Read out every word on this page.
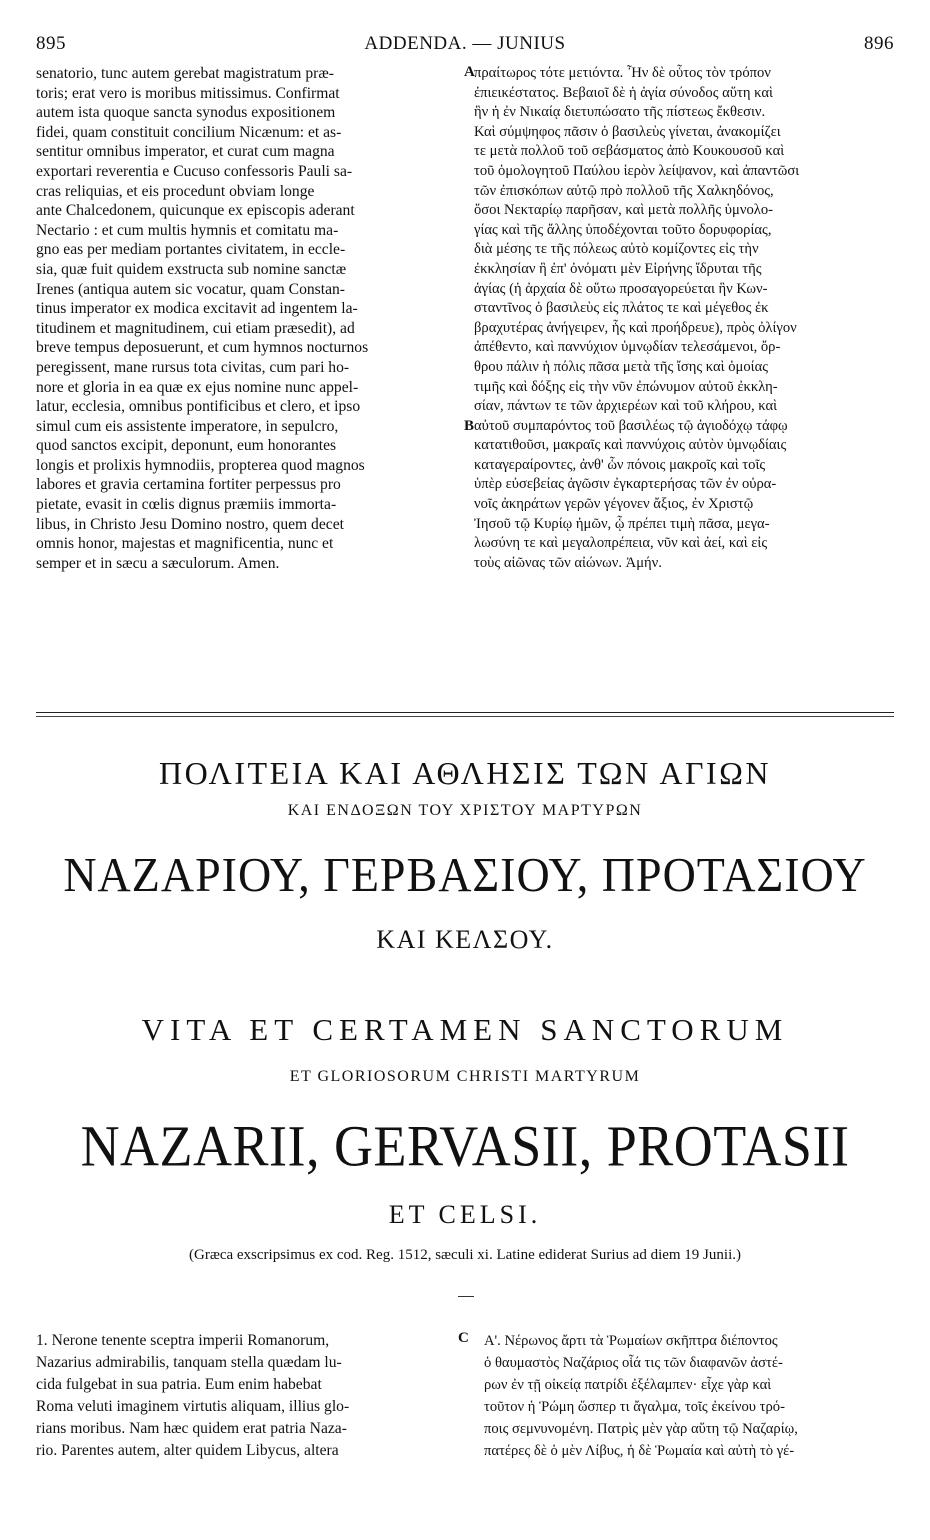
895	ADDENDA. — JUNIUS	896
senatorio, tunc autem gerebat magistratum præ-
toris; erat vero is moribus mitissimus. Confirmat
autem ista quoque sancta synodus expositionem
fidei, quam constituit concilium Nicænum: et as-
sentitur omnibus imperator, et curat cum magna
exportari reverentia e Cucuso confessoris Pauli sa-
cras reliquias, et eis procedunt obviam longe
ante Chalcedonem, quicunque ex episcopis aderant
Nectario : et cum multis hymnis et comitatu ma-
gno eas per mediam portantes civitatem, in eccle-
sia, quæ fuit quidem exstructa sub nomine sanctæ
Irenes (antiqua autem sic vocatur, quam Constan-
tinus imperator ex modica excitavit ad ingentem la-
titudinem et magnitudinem, cui etiam præsedit), ad
breve tempus deposuerunt, et cum hymnos nocturnos
peregissent, mane rursus tota civitas, cum pari ho-
nore et gloria in ea quæ ex ejus nomine nunc appel-
latur, ecclesia, omnibus pontificibus et clero, et ipso
simul cum eis assistente imperatore, in sepulcro,
quod sanctos excipit, deponunt, eum honorantes
longis et prolixis hymnodiis, propterea quod magnos
labores et gravia certamina fortiter perpessus pro
pietate, evasit in cœlis dignus præmiis immorta-
libus, in Christo Jesu Domino nostro, quem decet
omnis honor, majestas et magnificentia, nunc et
semper et in sæcu a sæculorum. Amen.
πραίτωρος τότε μετιόντα. Ἦν δὲ οὗτος τὸν τρόπον
ἐπιεικέστατος. Βεβαιοῖ δὲ ἡ ἁγία σύνοδος αὕτη καὶ
ἣν ἡ ἐν Νικαίᾳ διετυπώσατο τῆς πίστεως ἔκθεσιν.
Καὶ σύμψηφος πᾶσιν ὁ βασιλεὺς γίνεται, ἀνακομίζει
τε μετὰ πολλοῦ τοῦ σεβάσματος ἀπὸ Κουκουσοῦ καὶ
τοῦ ὁμολογητοῦ Παύλου ἱερὸν λείψανον, καὶ ἀπαντῶσι
τῶν ἐπισκόπων αὐτῷ πρὸ πολλοῦ τῆς Χαλκηδόνος,
ὅσοι Νεκταρίῳ παρῆσαν, καὶ μετὰ πολλῆς ὑμνολο-
γίας καὶ τῆς ἄλλης ὑποδέχονται τοῦτο δορυφορίας,
διὰ μέσης τε τῆς πόλεως αὐτὸ κομίζοντες εἰς τὴν
ἐκκλησίαν ἣ ἐπ' ὀνόματι μὲν Εἰρήνης ἵδρυται τῆς
ἁγίας (ἡ ἀρχαία δὲ οὕτω προσαγορεύεται ἣν Κων-
σταντῖνος ὁ βασιλεὺς εἰς πλάτος τε καὶ μέγεθος ἐκ
βραχυτέρας ἀνήγειρεν, ἧς καὶ προήδρευε), πρὸς ὀλίγον
ἀπέθεντο, καὶ παννύχιον ὑμνῳδίαν τελεσάμενοι, ὄρ-
θρου πάλιν ἡ πόλις πᾶσα μετὰ τῆς ἴσης καὶ ὁμοίας
τιμῆς καὶ δόξης εἰς τὴν νῦν ἐπώνυμον αὐτοῦ ἐκκλη-
σίαν, πάντων τε τῶν ἀρχιερέων καὶ τοῦ κλήρου, καὶ
αὐτοῦ συμπαρόντος τοῦ βασιλέως τῷ ἁγιοδόχῳ τάφῳ
κατατιθοῦσι, μακραῖς καὶ παννύχοις αὐτὸν ὑμνῳδίαις
καταγεραίροντες, ἀνθ' ὧν πόνοις μακροῖς καὶ τοῖς
ὑπὲρ εὐσεβείας ἀγῶσιν ἐγκαρτερήσας τῶν ἐν οὐρα-
νοῖς ἀκηράτων γερῶν γέγονεν ἄξιος, ἐν Χριστῷ
Ἰησοῦ τῷ Κυρίῳ ἡμῶν, ᾧ πρέπει τιμὴ πᾶσα, μεγα-
λωσύνη τε καὶ μεγαλοπρέπεια, νῦν καὶ ἀεί, καὶ εἰς
τοὺς αἰῶνας τῶν αἰώνων. Ἀμήν.
A
B
ΠΟΛΙΤΕΙΑ ΚΑΙ ΑΘΛΗΣΙΣ ΤΩΝ ΑΓΙΩΝ
ΚΑΙ ΕΝΔΟΞΩΝ ΤΟΥ ΧΡΙΣΤΟΥ ΜΑΡΤΥΡΩΝ
ΝΑΖΑΡΙΟΥ, ΓΕΡΒΑΣΙΟΥ, ΠΡΟΤΑΣΙΟΥ
ΚΑΙ ΚΕΛΣΟΥ.
VITA ET CERTAMEN SANCTORUM
ET GLORIOSORUM CHRISTI MARTYRUM
NAZARII, GERVASII, PROTASII
ET CELSI.
(Græca exscripsimus ex cod. Reg. 1512, sæculi xi. Latine ediderat Surius ad diem 19 Junii.)
1. Nerone tenente sceptra imperii Romanorum,
Nazarius admirabilis, tanquam stella quædam lu-
cida fulgebat in sua patria. Eum enim habebat
Roma veluti imaginem virtutis aliquam, illius glo-
rians moribus. Nam hæc quidem erat patria Naza-
rio. Parentes autem, alter quidem Libycus, altera
Α'. Νέρωνος ἄρτι τὰ Ῥωμαίων σκῆπτρα διέποντος
ὁ θαυμαστὸς Ναζάριος οἷά τις τῶν διαφανῶν ἀστέ-
ρων ἐν τῇ οἰκείᾳ πατρίδι ἐξέλαμπεν· εἶχε γὰρ καὶ
τοῦτον ἡ Ῥώμη ὥσπερ τι ἄγαλμα, τοῖς ἐκείνου τρό-
ποις σεμνυνομένη. Πατρὶς μὲν γὰρ αὕτη τῷ Ναζαρίῳ,
πατέρες δὲ ὁ μὲν Λίβυς, ἡ δὲ Ῥωμαία καὶ αὐτὴ τὸ γέ-
C
